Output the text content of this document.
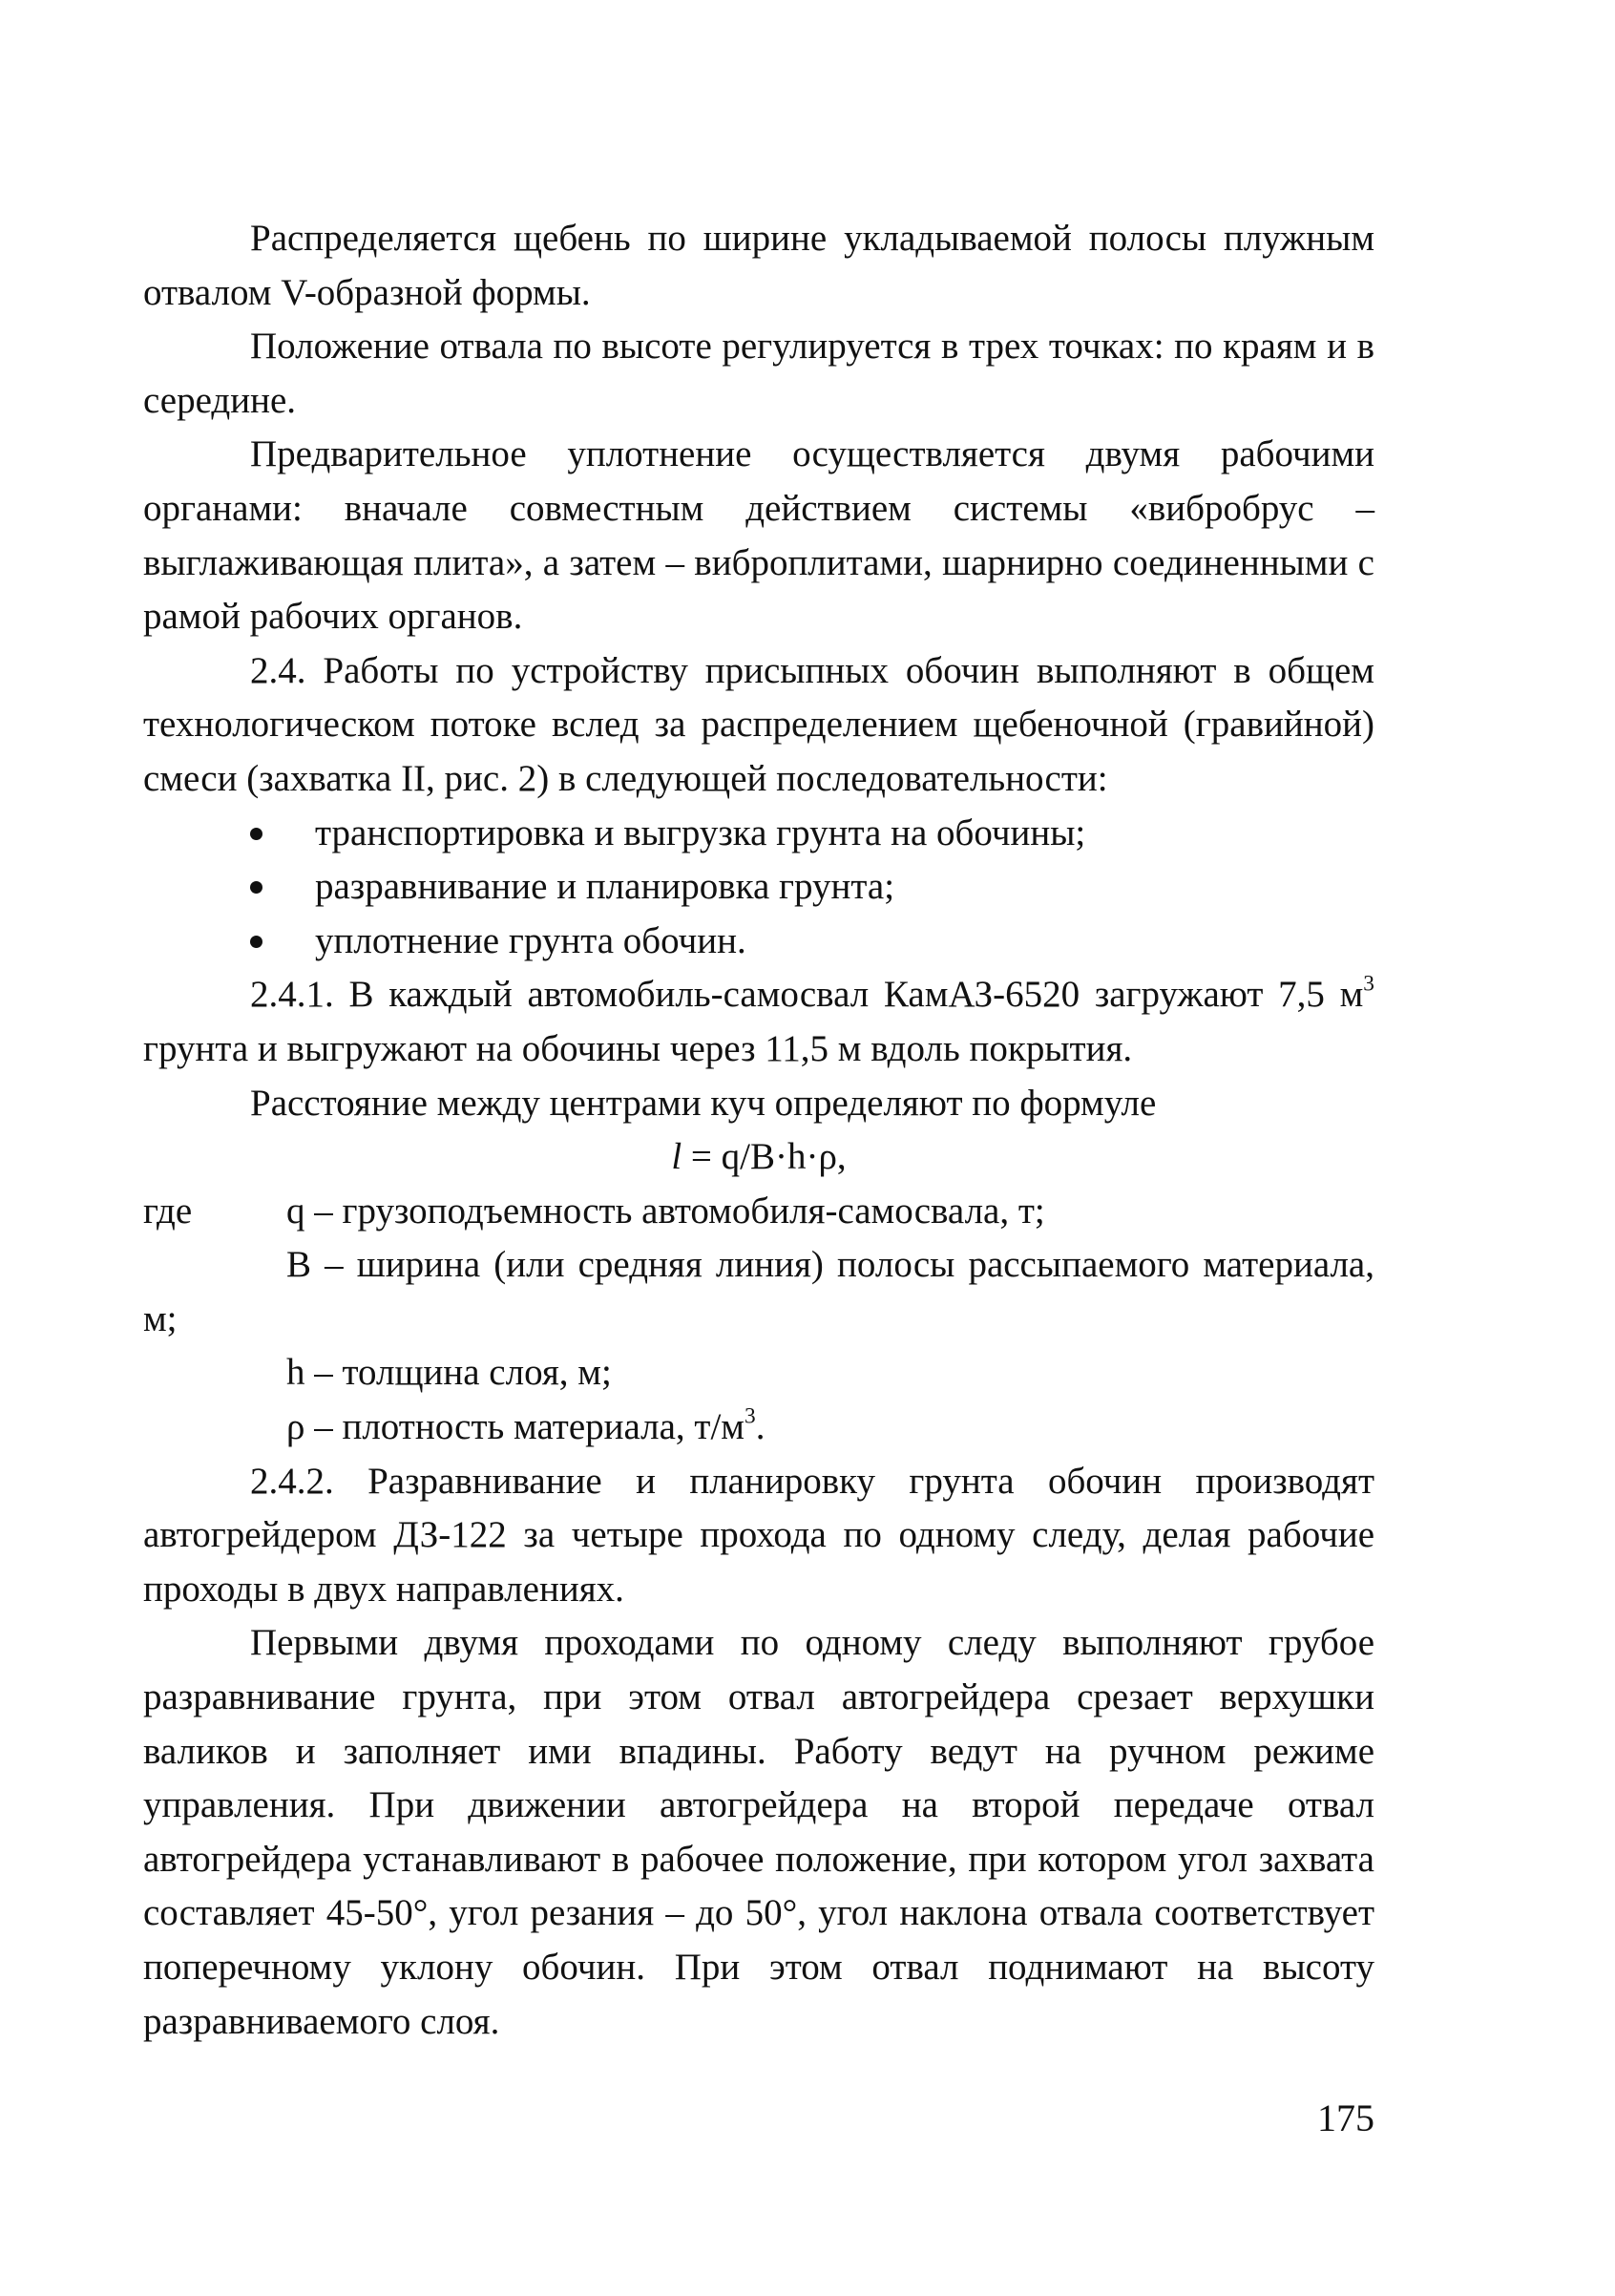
Распределяется щебень по ширине укладываемой полосы плужным отвалом V-образной формы.

Положение отвала по высоте регулируется в трех точках: по краям и в середине.

Предварительное уплотнение осуществляется двумя рабочими органами: вначале совместным действием системы «вибробрус – выглаживающая плита», а затем – виброплитами, шарнирно соединенными с рамой рабочих органов.

2.4. Работы по устройству присыпных обочин выполняют в общем технологическом потоке вслед за распределением щебеночной (гравийной) смеси (захватка II, рис. 2) в следующей последовательности:

транспортировка и выгрузка грунта на обочины;
разравнивание и планировка грунта;
уплотнение грунта обочин.

2.4.1. В каждый автомобиль-самосвал КамАЗ-6520 загружают 7,5 $м^3$ грунта и выгружают на обочины через 11,5 м вдоль покрытия.

Расстояние между центрами куч определяют по формуле

l = q/B·h·ρ,

где	q – грузоподъемность автомобиля-самосвала, т;

B – ширина (или средняя линия) полосы рассыпаемого материала, м;

h – толщина слоя, м;

ρ – плотность материала, $т/м^3$.

2.4.2. Разравнивание и планировку грунта обочин производят автогрейдером ДЗ-122 за четыре прохода по одному следу, делая рабочие проходы в двух направлениях.

Первыми двумя проходами по одному следу выполняют грубое разравнивание грунта, при этом отвал автогрейдера срезает верхушки валиков и заполняет ими впадины. Работу ведут на ручном режиме управления. При движении автогрейдера на второй передаче отвал автогрейдера устанавливают в рабочее положение, при котором угол захвата составляет 45-50°, угол резания – до 50°, угол наклона отвала соответствует поперечному уклону обочин. При этом отвал поднимают на высоту разравниваемого слоя.

175
